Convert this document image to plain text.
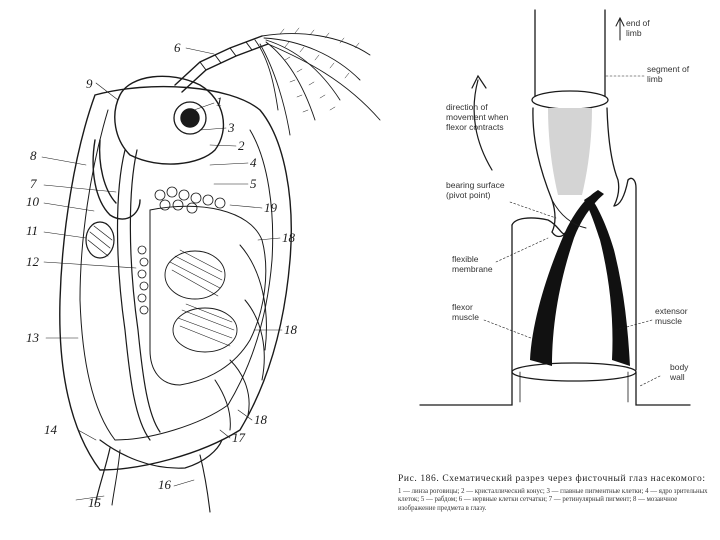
6
9
1
3
2
8	4
5
7
10	19
11	18
12
13
18
18
14
17
16
15
end of limb
segment of limb
direction of movement when flexor contracts
bearing surface (pivot point)
flexible membrane
flexor muscle
extensor muscle
body wall
Рис. 186. Схематический разрез через фисточный глаз насекомого:
1 — линза роговицы; 2 — кристаллический конус; 3 — главные пигментные клетки; 4 — ядро зрительных клеток; 5 — рабдом; 6 — нервные клетки сетчатки; 7 — ретинулярный пигмент; 8 — мозаичное изображение предмета в глазу.
